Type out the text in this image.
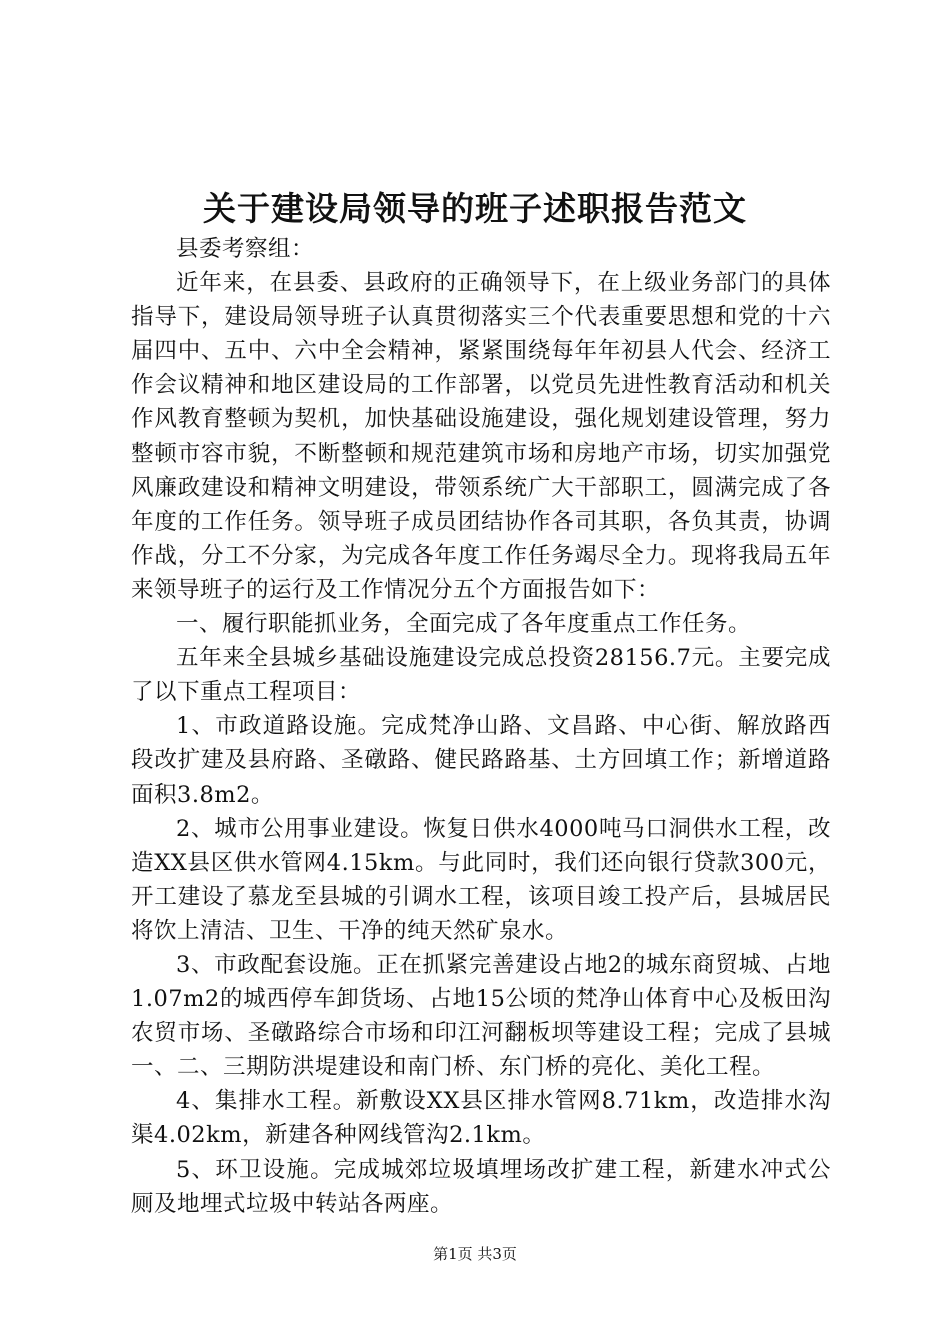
关于建设局领导的班子述职报告范文

县委考察组：

近年来，在县委、县政府的正确领导下，在上级业务部门的具体指导下，建设局领导班子认真贯彻落实三个代表重要思想和党的十六届四中、五中、六中全会精神，紧紧围绕每年年初县人代会、经济工作会议精神和地区建设局的工作部署，以党员先进性教育活动和机关作风教育整顿为契机，加快基础设施建设，强化规划建设管理，努力整顿市容市貌，不断整顿和规范建筑市场和房地产市场，切实加强党风廉政建设和精神文明建设，带领系统广大干部职工，圆满完成了各年度的工作任务。领导班子成员团结协作各司其职，各负其责，协调作战，分工不分家，为完成各年度工作任务竭尽全力。现将我局五年来领导班子的运行及工作情况分五个方面报告如下：

一、履行职能抓业务，全面完成了各年度重点工作任务。

五年来全县城乡基础设施建设完成总投资28156.7元。主要完成了以下重点工程项目：

1、市政道路设施。完成梵净山路、文昌路、中心街、解放路西段改扩建及县府路、圣礅路、健民路路基、土方回填工作；新增道路面积3.8m2。

2、城市公用事业建设。恢复日供水4000吨马口洞供水工程，改造XX县区供水管网4.15km。与此同时，我们还向银行贷款300元，开工建设了慕龙至县城的引调水工程，该项目竣工投产后，县城居民将饮上清洁、卫生、干净的纯天然矿泉水。

3、市政配套设施。正在抓紧完善建设占地2的城东商贸城、占地1.07m2的城西停车卸货场、占地15公顷的梵净山体育中心及板田沟农贸市场、圣礅路综合市场和印江河翻板坝等建设工程；完成了县城一、二、三期防洪堤建设和南门桥、东门桥的亮化、美化工程。

4、集排水工程。新敷设XX县区排水管网8.71km，改造排水沟渠4.02km，新建各种网线管沟2.1km。

5、环卫设施。完成城郊垃圾填埋场改扩建工程，新建水冲式公厕及地埋式垃圾中转站各两座。

第1页 共3页
